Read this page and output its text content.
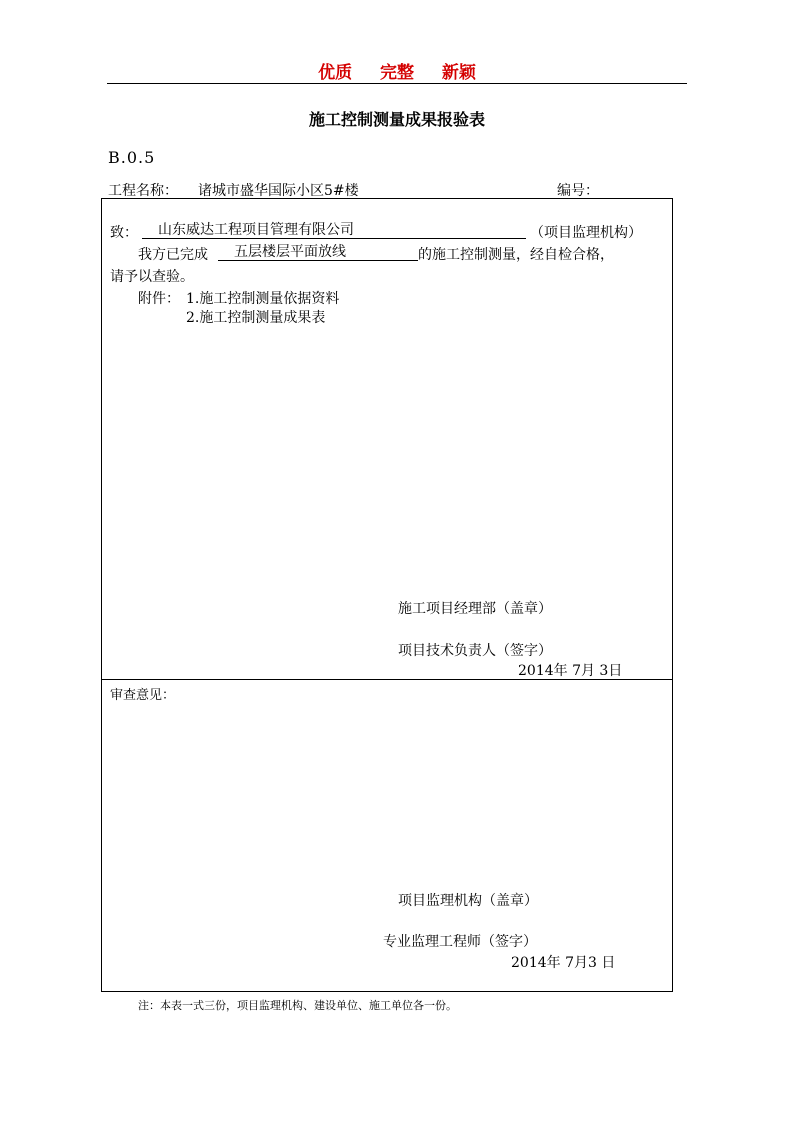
优质 完整 新颖
施工控制测量成果报验表
B.0.5
工程名称： 诸城市盛华国际小区5#楼	编号：
致：	山东威达工程项目管理有限公司	（项目监理机构）
我方已完成	五层楼层平面放线	的施工控制测量，经自检合格，
请予以查验。
附件： 1.施工控制测量依据资料
2.施工控制测量成果表
施工项目经理部（盖章）
项目技术负责人（签字）
2014年 7月 3日
审查意见：
项目监理机构（盖章）
专业监理工程师（签字）
2014年 7月3 日
注：本表一式三份，项目监理机构、建设单位、施工单位各一份。
